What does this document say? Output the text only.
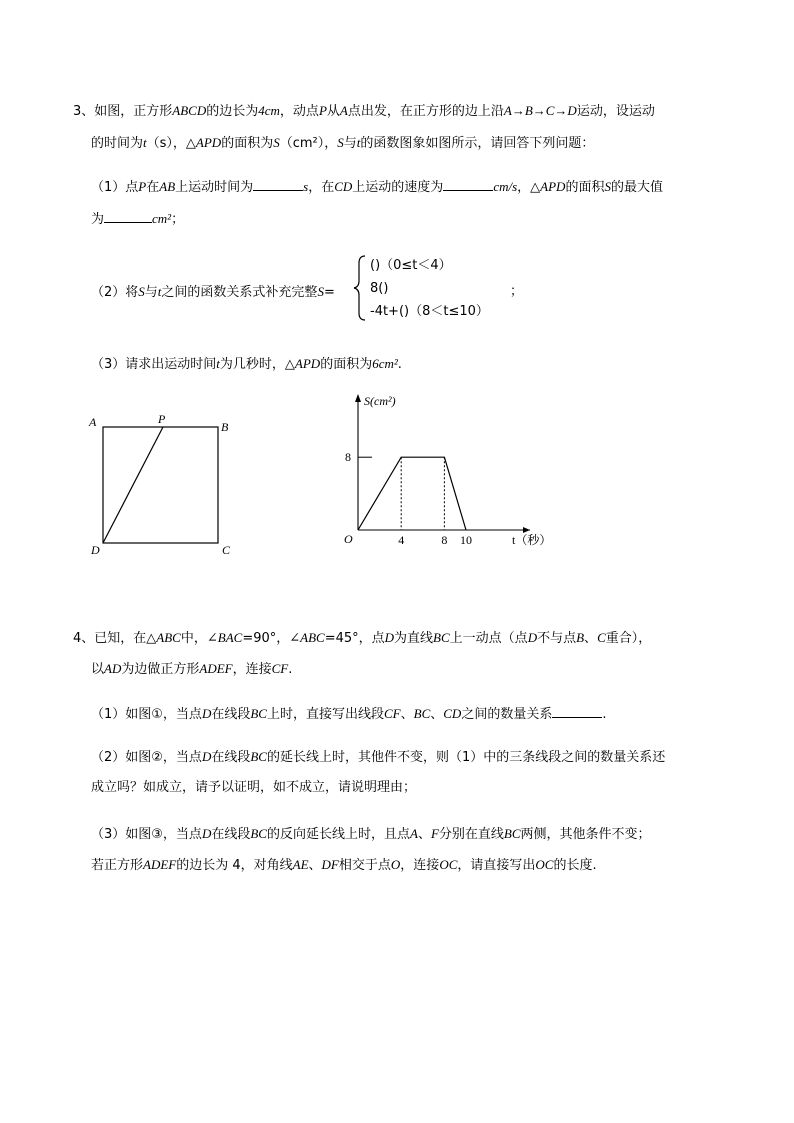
3、如图，正方形ABCD的边长为4cm，动点P从A点出发，在正方形的边上沿A→B→C→D运动，设运动
的时间为t（s），△APD的面积为S（cm²），S与t的函数图象如图所示，请回答下列问题：
（1）点P在AB上运动时间为	s，在CD上运动的速度为	cm/s，△APD的面积S的最大值
为	cm²；
（2）将S与t之间的函数关系式补充完整S=
()（0≤t＜4）
8()
-4t+()（8＜t≤10）
；
（3）请求出运动时间t为几秒时，△APD的面积为6cm².
A	P
B
D	C
8
4	8 10
S(cm²)
t（秒）
O
4、已知，在△ABC中，∠BAC=90°，∠ABC=45°，点D为直线BC上一动点（点D不与点B、C重合），
以AD为边做正方形ADEF，连接CF.
（1）如图①，当点D在线段BC上时，直接写出线段CF、BC、CD之间的数量关系	.
（2）如图②，当点D在线段BC的延长线上时，其他件不变，则（1）中的三条线段之间的数量关系还
成立吗？如成立，请予以证明，如不成立，请说明理由；
（3）如图③，当点D在线段BC的反向延长线上时，且点A、F分别在直线BC两侧，其他条件不变；
若正方形ADEF的边长为 4，对角线AE、DF相交于点O，连接OC，请直接写出OC的长度.
